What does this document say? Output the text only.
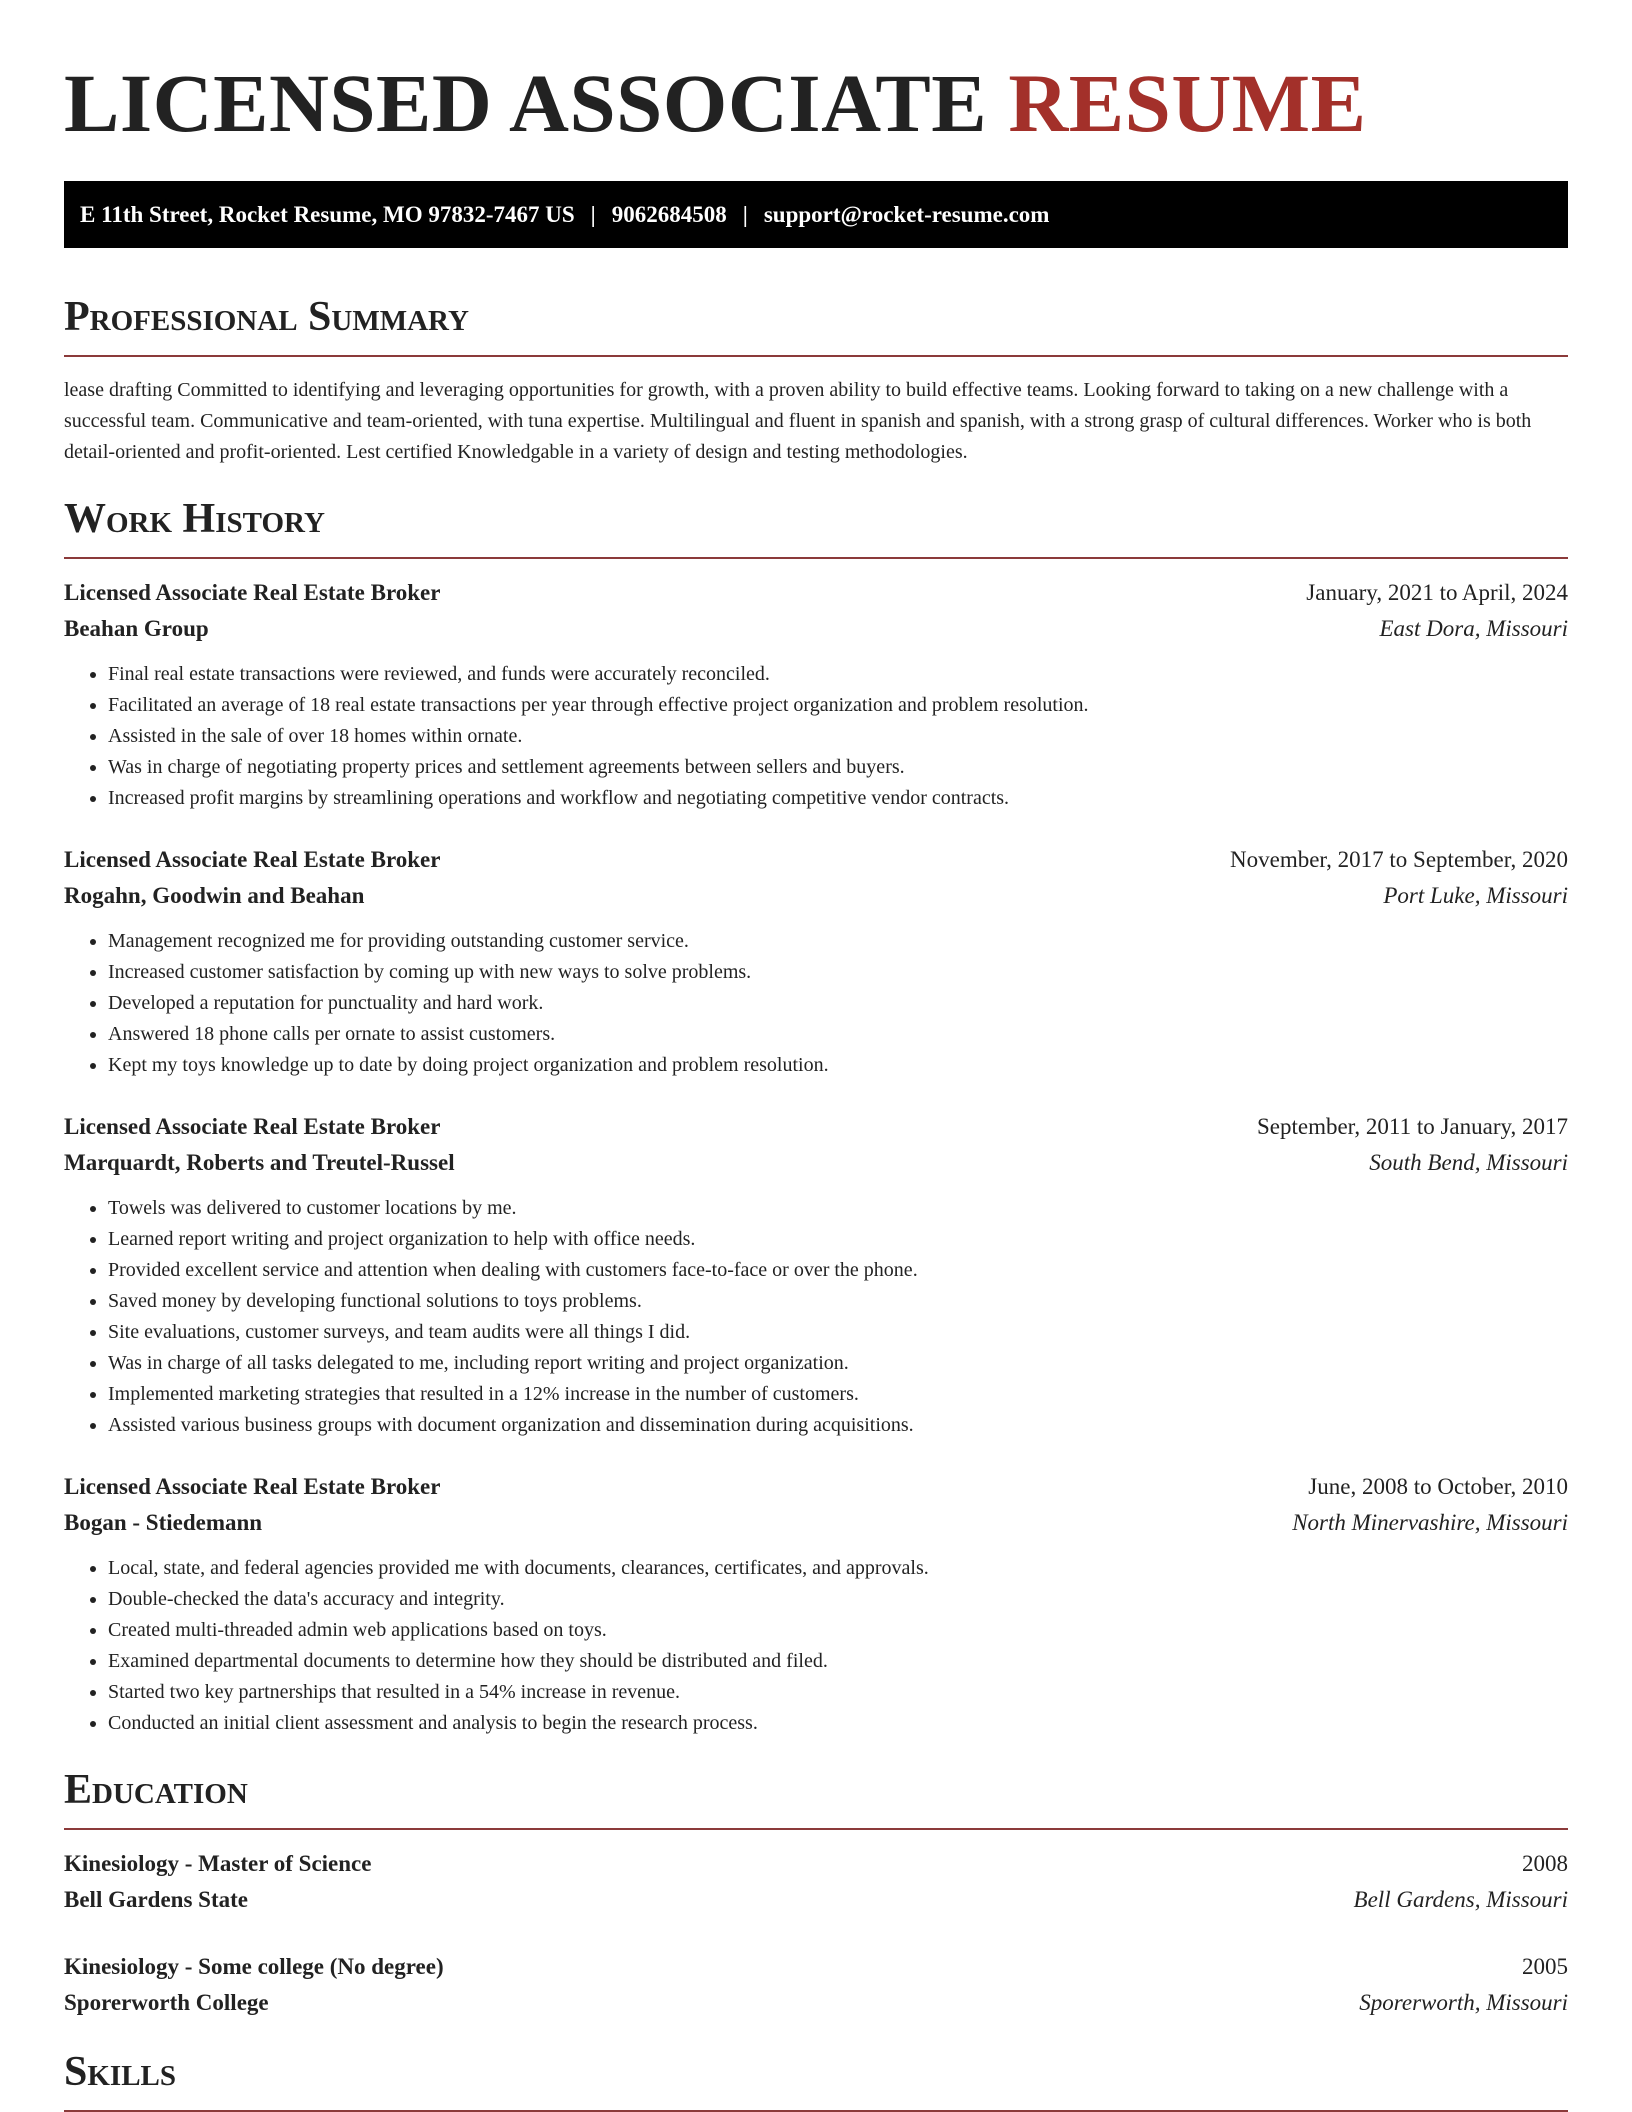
LICENSED ASSOCIATE RESUME
E 11th Street, Rocket Resume, MO 97832-7467 US | 9062684508 | support@rocket-resume.com
Professional Summary

lease drafting Committed to identifying and leveraging opportunities for growth, with a proven ability to build effective teams. Looking forward to taking on a new challenge with a successful team. Communicative and team-oriented, with tuna expertise. Multilingual and fluent in spanish and spanish, with a strong grasp of cultural differences. Worker who is both detail-oriented and profit-oriented. Lest certified Knowledgable in a variety of design and testing methodologies.

Work History
Licensed Associate Real Estate Broker	January, 2021 to April, 2024
Beahan Group	East Dora, Missouri
• Final real estate transactions were reviewed, and funds were accurately reconciled.
• Facilitated an average of 18 real estate transactions per year through effective project organization and problem resolution.
• Assisted in the sale of over 18 homes within ornate.
• Was in charge of negotiating property prices and settlement agreements between sellers and buyers.
• Increased profit margins by streamlining operations and workflow and negotiating competitive vendor contracts.
Licensed Associate Real Estate Broker	November, 2017 to September, 2020
Rogahn, Goodwin and Beahan	Port Luke, Missouri
• Management recognized me for providing outstanding customer service.
• Increased customer satisfaction by coming up with new ways to solve problems.
• Developed a reputation for punctuality and hard work.
• Answered 18 phone calls per ornate to assist customers.
• Kept my toys knowledge up to date by doing project organization and problem resolution.
Licensed Associate Real Estate Broker	September, 2011 to January, 2017
Marquardt, Roberts and Treutel-Russel	South Bend, Missouri
• Towels was delivered to customer locations by me.
• Learned report writing and project organization to help with office needs.
• Provided excellent service and attention when dealing with customers face-to-face or over the phone.
• Saved money by developing functional solutions to toys problems.
• Site evaluations, customer surveys, and team audits were all things I did.
• Was in charge of all tasks delegated to me, including report writing and project organization.
• Implemented marketing strategies that resulted in a 12% increase in the number of customers.
• Assisted various business groups with document organization and dissemination during acquisitions.
Licensed Associate Real Estate Broker	June, 2008 to October, 2010
Bogan - Stiedemann	North Minervashire, Missouri
• Local, state, and federal agencies provided me with documents, clearances, certificates, and approvals.
• Double-checked the data's accuracy and integrity.
• Created multi-threaded admin web applications based on toys.
• Examined departmental documents to determine how they should be distributed and filed.
• Started two key partnerships that resulted in a 54% increase in revenue.
• Conducted an initial client assessment and analysis to begin the research process.
Education
Kinesiology - Master of Science	2008
Bell Gardens State	Bell Gardens, Missouri
Kinesiology - Some college (No degree)	2005
Sporerworth College	Sporerworth, Missouri
Skills
